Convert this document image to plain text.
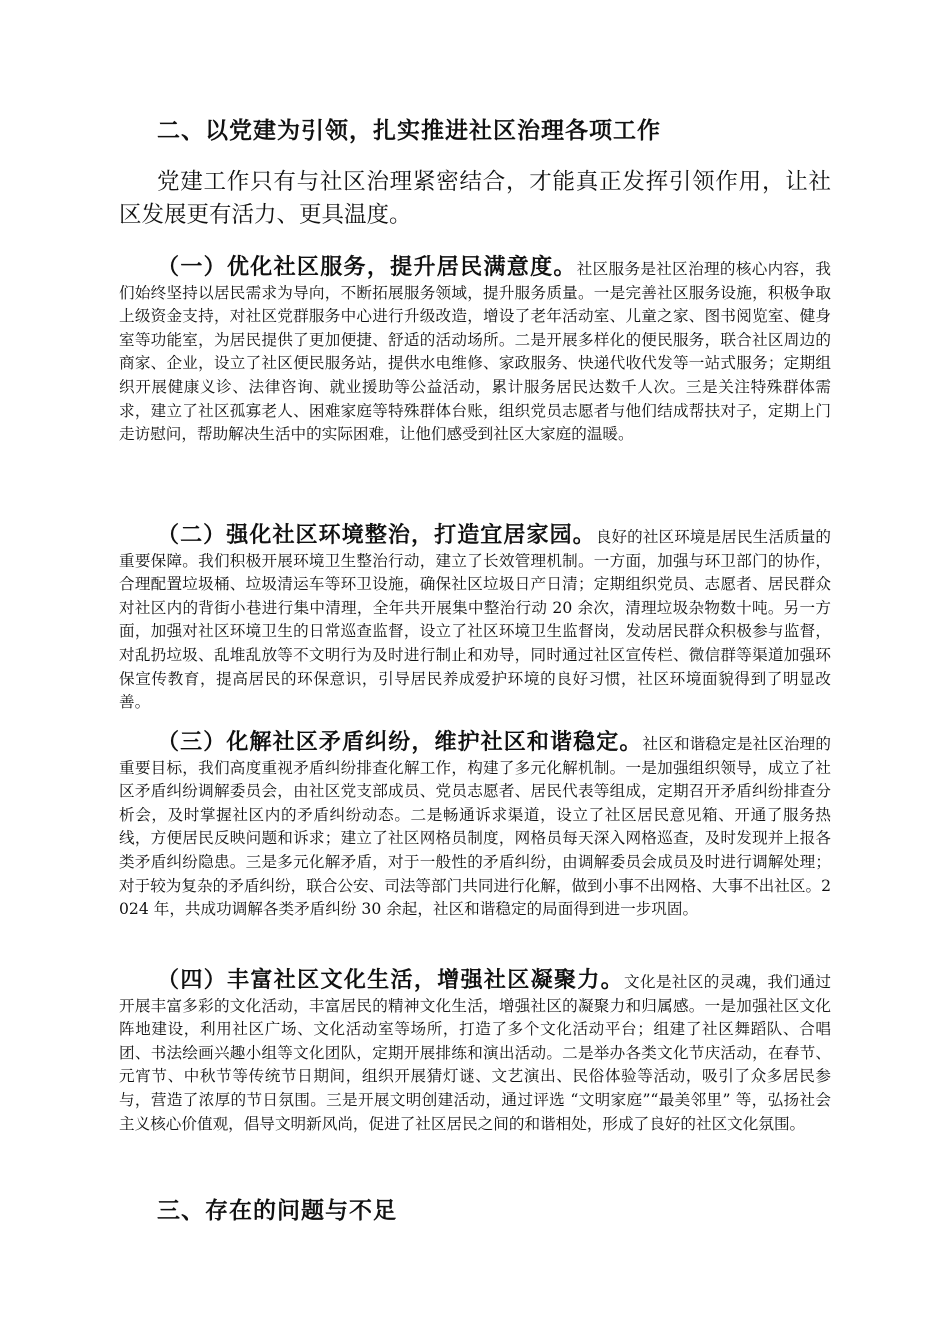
二、以党建为引领，扎实推进社区治理各项工作

党建工作只有与社区治理紧密结合，才能真正发挥引领作用，让社区发展更有活力、更具温度。

（一）优化社区服务，提升居民满意度。社区服务是社区治理的核心内容，我们始终坚持以居民需求为导向，不断拓展服务领域，提升服务质量。一是完善社区服务设施，积极争取上级资金支持，对社区党群服务中心进行升级改造，增设了老年活动室、儿童之家、图书阅览室、健身室等功能室，为居民提供了更加便捷、舒适的活动场所。二是开展多样化的便民服务，联合社区周边的商家、企业，设立了社区便民服务站，提供水电维修、家政服务、快递代收代发等一站式服务；定期组织开展健康义诊、法律咨询、就业援助等公益活动，累计服务居民达数千人次。三是关注特殊群体需求，建立了社区孤寡老人、困难家庭等特殊群体台账，组织党员志愿者与他们结成帮扶对子，定期上门走访慰问，帮助解决生活中的实际困难，让他们感受到社区大家庭的温暖。

（二）强化社区环境整治，打造宜居家园。良好的社区环境是居民生活质量的重要保障。我们积极开展环境卫生整治行动，建立了长效管理机制。一方面，加强与环卫部门的协作，合理配置垃圾桶、垃圾清运车等环卫设施，确保社区垃圾日产日清；定期组织党员、志愿者、居民群众对社区内的背街小巷进行集中清理，全年共开展集中整治行动 20 余次，清理垃圾杂物数十吨。另一方面，加强对社区环境卫生的日常巡查监督，设立了社区环境卫生监督岗，发动居民群众积极参与监督，对乱扔垃圾、乱堆乱放等不文明行为及时进行制止和劝导，同时通过社区宣传栏、微信群等渠道加强环保宣传教育，提高居民的环保意识，引导居民养成爱护环境的良好习惯，社区环境面貌得到了明显改善。

（三）化解社区矛盾纠纷，维护社区和谐稳定。社区和谐稳定是社区治理的重要目标，我们高度重视矛盾纠纷排查化解工作，构建了多元化解机制。一是加强组织领导，成立了社区矛盾纠纷调解委员会，由社区党支部成员、党员志愿者、居民代表等组成，定期召开矛盾纠纷排查分析会，及时掌握社区内的矛盾纠纷动态。二是畅通诉求渠道，设立了社区居民意见箱、开通了服务热线，方便居民反映问题和诉求；建立了社区网格员制度，网格员每天深入网格巡查，及时发现并上报各类矛盾纠纷隐患。三是多元化解矛盾，对于一般性的矛盾纠纷，由调解委员会成员及时进行调解处理；对于较为复杂的矛盾纠纷，联合公安、司法等部门共同进行化解，做到小事不出网格、大事不出社区。2024 年，共成功调解各类矛盾纠纷 30 余起，社区和谐稳定的局面得到进一步巩固。

（四）丰富社区文化生活，增强社区凝聚力。文化是社区的灵魂，我们通过开展丰富多彩的文化活动，丰富居民的精神文化生活，增强社区的凝聚力和归属感。一是加强社区文化阵地建设，利用社区广场、文化活动室等场所，打造了多个文化活动平台；组建了社区舞蹈队、合唱团、书法绘画兴趣小组等文化团队，定期开展排练和演出活动。二是举办各类文化节庆活动，在春节、元宵节、中秋节等传统节日期间，组织开展猜灯谜、文艺演出、民俗体验等活动，吸引了众多居民参与，营造了浓厚的节日氛围。三是开展文明创建活动，通过评选 “文明家庭”“最美邻里” 等，弘扬社会主义核心价值观，倡导文明新风尚，促进了社区居民之间的和谐相处，形成了良好的社区文化氛围。

三、存在的问题与不足
